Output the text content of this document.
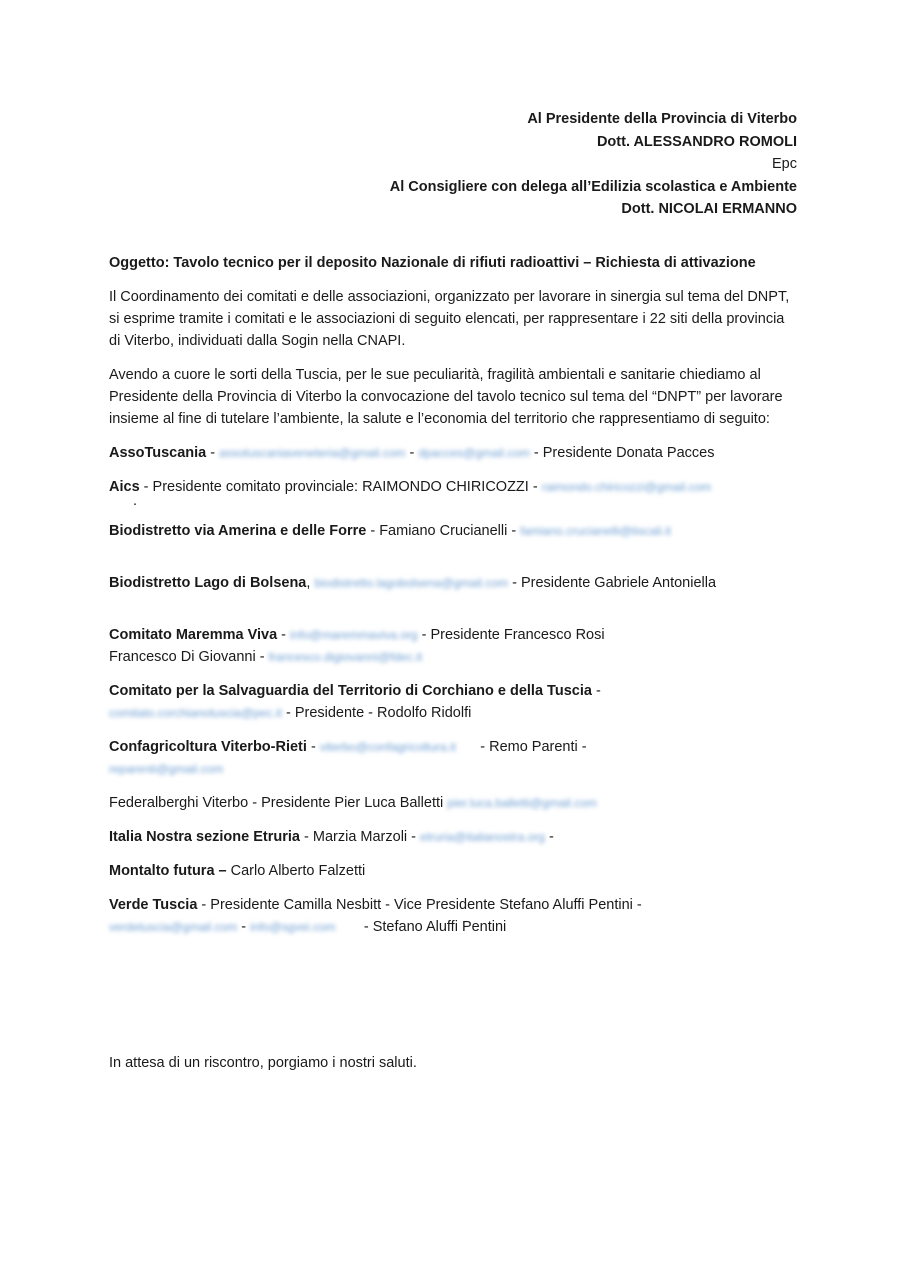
Al Presidente della Provincia di Viterbo
Dott. ALESSANDRO ROMOLI
Epc
Al Consigliere con delega all’Edilizia scolastica e Ambiente
Dott. NICOLAI ERMANNO

Oggetto: Tavolo tecnico per il deposito Nazionale di rifiuti radioattivi – Richiesta di attivazione

Il Coordinamento dei comitati e delle associazioni, organizzato per lavorare in sinergia sul tema del DNPT, si esprime tramite i comitati e le associazioni di seguito elencati, per rappresentare i 22 siti della provincia di Viterbo, individuati dalla Sogin nella CNAPI.

Avendo a cuore le sorti della Tuscia, per le sue peculiarità, fragilità ambientali e sanitarie chiediamo al Presidente della Provincia di Viterbo la convocazione del tavolo tecnico sul tema del “DNPT” per lavorare insieme al fine di tutelare l’ambiente, la salute e l’economia del territorio che rappresentiamo di seguito:

AssoTuscania - assotuscaniaveneteria@gmail.com - dpacces@gmail.com - Presidente Donata Pacces
Aics - Presidente comitato provinciale: RAIMONDO CHIRICOZZI - raimondo.chiricozzi@gmail.com
.
Biodistretto via Amerina e delle Forre - Famiano Crucianelli - famiano.crucianelli@tiscali.it
Biodistretto Lago di Bolsena, biodistretto.lagobolsena@gmail.com - Presidente Gabriele Antoniella
Comitato Maremma Viva - info@maremmaviva.org - Presidente Francesco Rosi
Francesco Di Giovanni - francesco.digiovanni@fdec.it
Comitato per la Salvaguardia del Territorio di Corchiano e della Tuscia -
comitato.corchianotuscia@pec.it - Presidente - Rodolfo Ridolfi
Confagricoltura Viterbo-Rieti - viterbo@confagricoltura.it      - Remo Parenti -
reparenti@gmail.com
Federalberghi Viterbo - Presidente Pier Luca Balletti pier.luca.balletti@gmail.com
Italia Nostra sezione Etruria - Marzia Marzoli - etruria@italianostra.org -
Montalto futura – Carlo Alberto Falzetti
Verde Tuscia - Presidente Camilla Nesbitt - Vice Presidente Stefano Aluffi Pentini -
verdetuscia@gmail.com - info@sgvei.com       - Stefano Aluffi Pentini
In attesa di un riscontro, porgiamo i nostri saluti.
